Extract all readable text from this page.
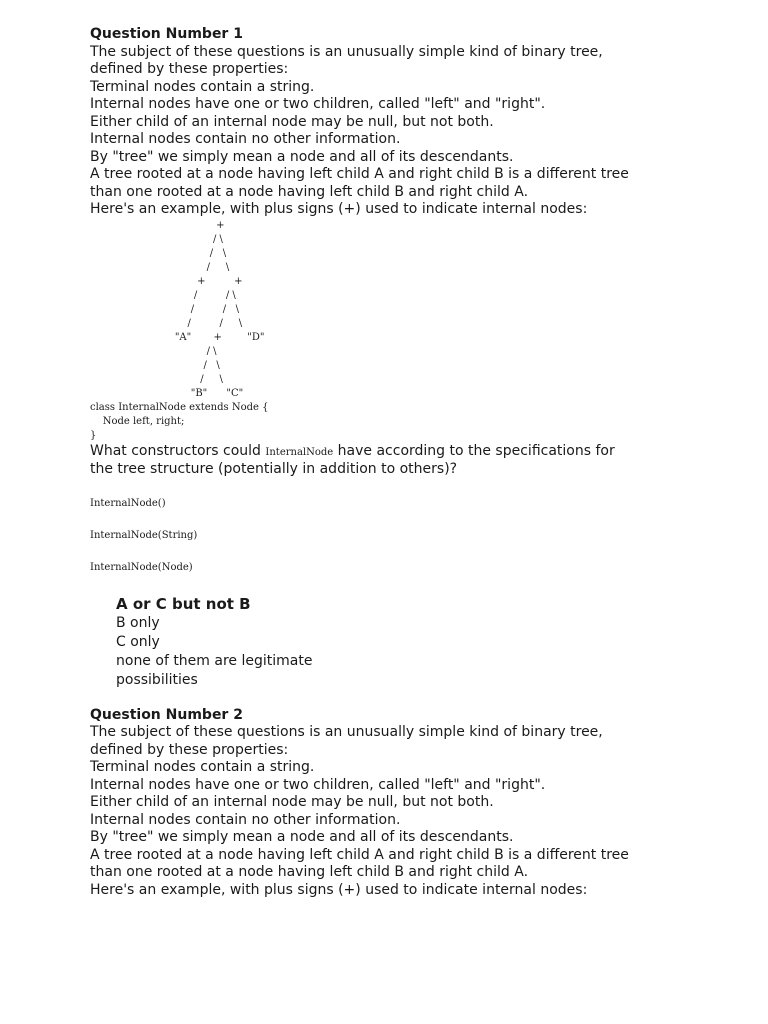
Question Number 1

The subject of these questions is an unusually simple kind of binary tree,

defined by these properties:

Terminal nodes contain a string.

Internal nodes have one or two children, called "left" and "right".

Either child of an internal node may be null, but not both.

Internal nodes contain no other information.

By "tree" we simply mean a node and all of its descendants.

A tree rooted at a node having left child A and right child B is a different tree

than one rooted at a node having left child B and right child A.

Here's an example, with plus signs (+) used to indicate internal nodes:

+

/ \

/   \

/     \

+         +

/         / \

/         /   \

/         /     \

"A"       +        "D"

/ \

/   \

/     \

"B"      "C"

class InternalNode extends Node {

Node left, right;

}

What constructors could InternalNode have according to the specifications for

the tree structure (potentially in addition to others)?

InternalNode()

InternalNode(String)

InternalNode(Node)

A or C but not B

B only

C only

none of them are legitimate

possibilities

Question Number 2

The subject of these questions is an unusually simple kind of binary tree,

defined by these properties:

Terminal nodes contain a string.

Internal nodes have one or two children, called "left" and "right".

Either child of an internal node may be null, but not both.

Internal nodes contain no other information.

By "tree" we simply mean a node and all of its descendants.

A tree rooted at a node having left child A and right child B is a different tree

than one rooted at a node having left child B and right child A.

Here's an example, with plus signs (+) used to indicate internal nodes:
